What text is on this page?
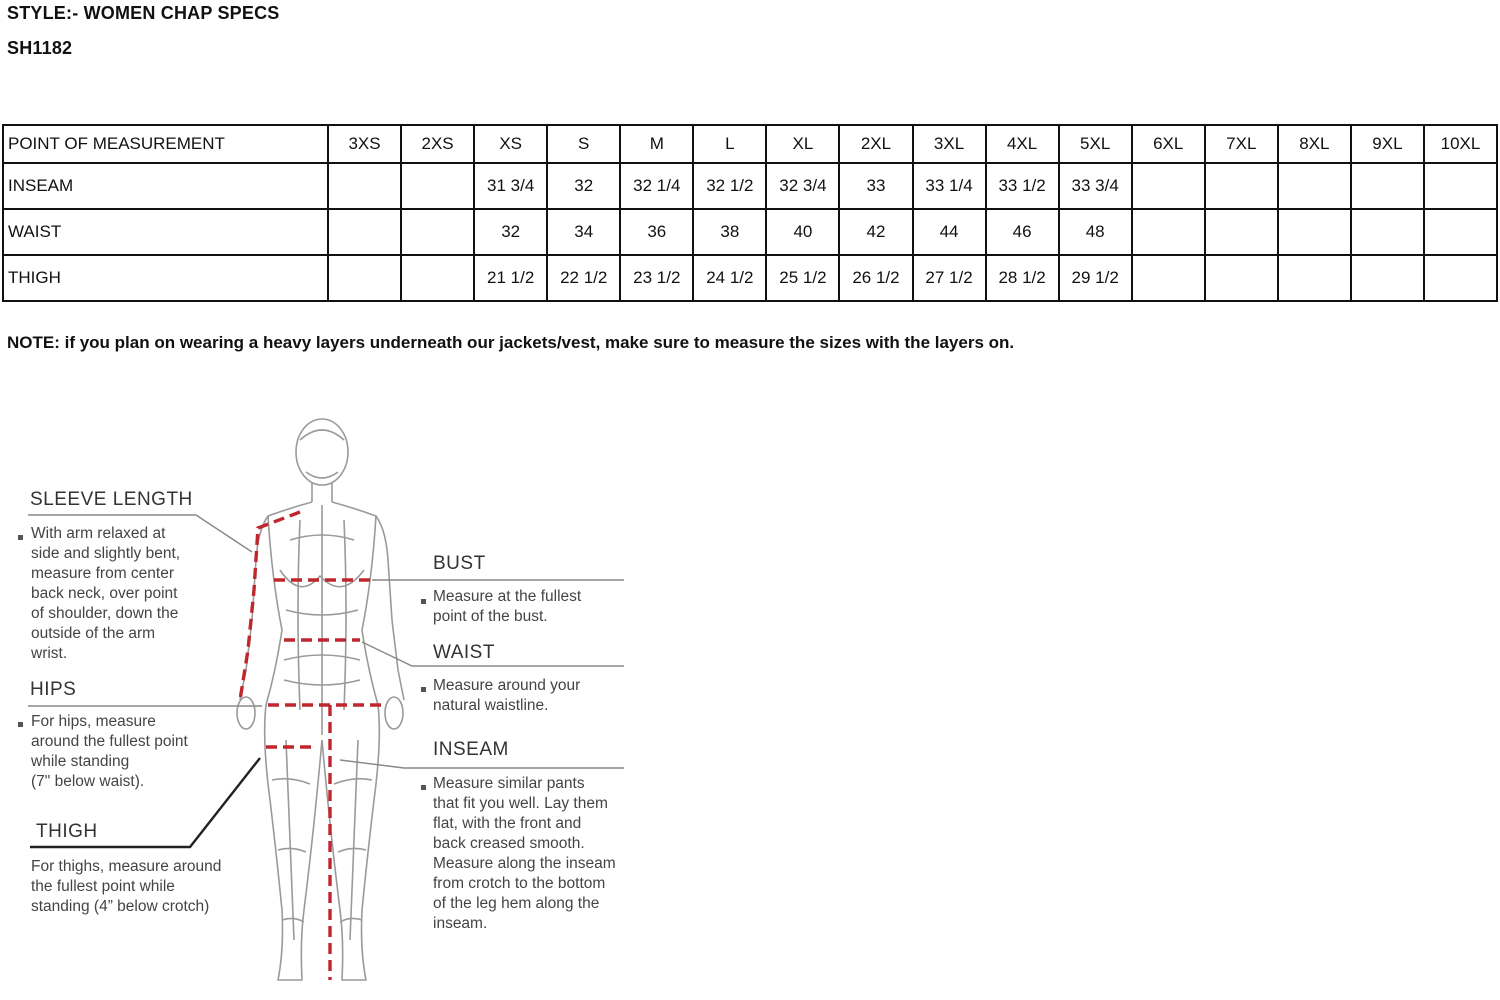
STYLE:- WOMEN CHAP SPECS
SH1182
POINT OF MEASUREMENT	3XS	2XS	XS	S	M	L	XL	2XL	3XL	4XL	5XL	6XL	7XL	8XL	9XL	10XL
INSEAM			31 3/4	32	32 1/4	32 1/2	32 3/4	33	33 1/4	33 1/2	33 3/4					
WAIST			32	34	36	38	40	42	44	46	48					
THIGH			21 1/2	22 1/2	23 1/2	24 1/2	25 1/2	26 1/2	27 1/2	28 1/2	29 1/2					
NOTE: if you plan on wearing a heavy layers underneath our jackets/vest, make sure to measure the sizes with the layers on.
SLEEVE LENGTH
With arm relaxed at
side and slightly bent,
measure from center
back neck, over point
of shoulder, down the
outside of the arm
wrist.
HIPS
For hips, measure
around the fullest point
while standing
(7" below waist).
THIGH
For thighs, measure around
the fullest point while
standing (4” below crotch)
BUST
Measure at the fullest
point of the bust.
WAIST
Measure around your
natural waistline.
INSEAM
Measure similar pants
that fit you well. Lay them
flat, with the front and
back creased smooth.
Measure along the inseam
from crotch to the bottom
of the leg hem along the
inseam.
